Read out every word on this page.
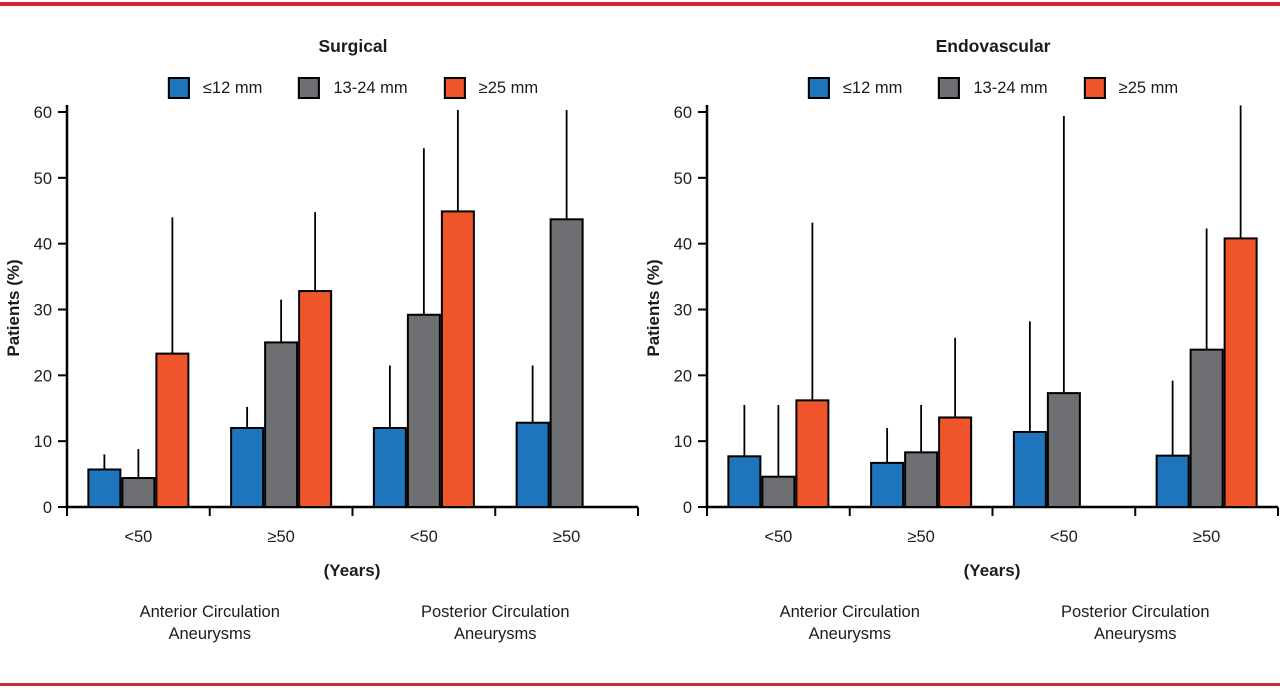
Surgical
≤12 mm	13-24 mm	≥25 mm
Patients (%)
0
10
20
30
40
50
60
<50	≥50	<50	≥50
Anterior Circulation
Aneurysms
Posterior Circulation
Aneurysms
(Years)
Endovascular
≤12 mm	13-24 mm	≥25 mm
Patients (%)
0
10
20
30
40
50
60
<50	≥50	<50	≥50
Anterior Circulation
Aneurysms
Posterior Circulation
Aneurysms
(Years)
